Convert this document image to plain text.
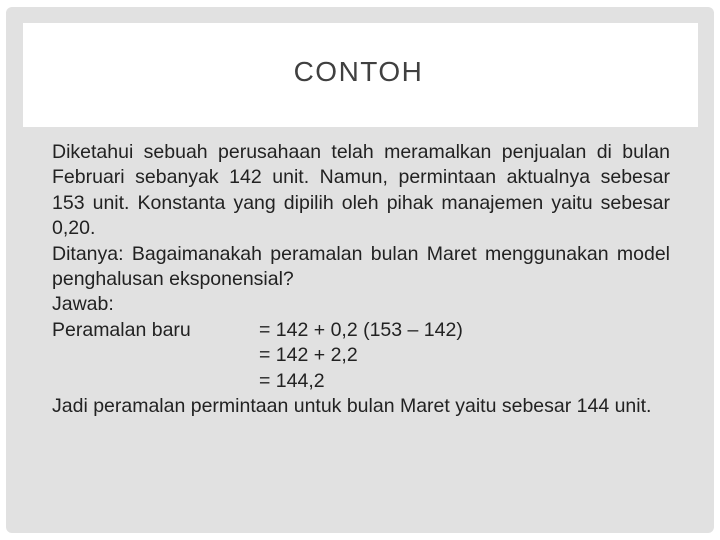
CONTOH

Diketahui sebuah perusahaan telah meramalkan penjualan di bulan Februari sebanyak 142 unit. Namun, permintaan aktualnya sebesar 153 unit. Konstanta yang dipilih oleh pihak manajemen yaitu sebesar 0,20.

Ditanya: Bagaimanakah peramalan bulan Maret menggunakan model penghalusan eksponensial?

Jawab:

Peramalan baru	= 142 + 0,2 (153 – 142)
= 142 + 2,2
= 144,2

Jadi peramalan permintaan untuk bulan Maret yaitu sebesar 144 unit.
